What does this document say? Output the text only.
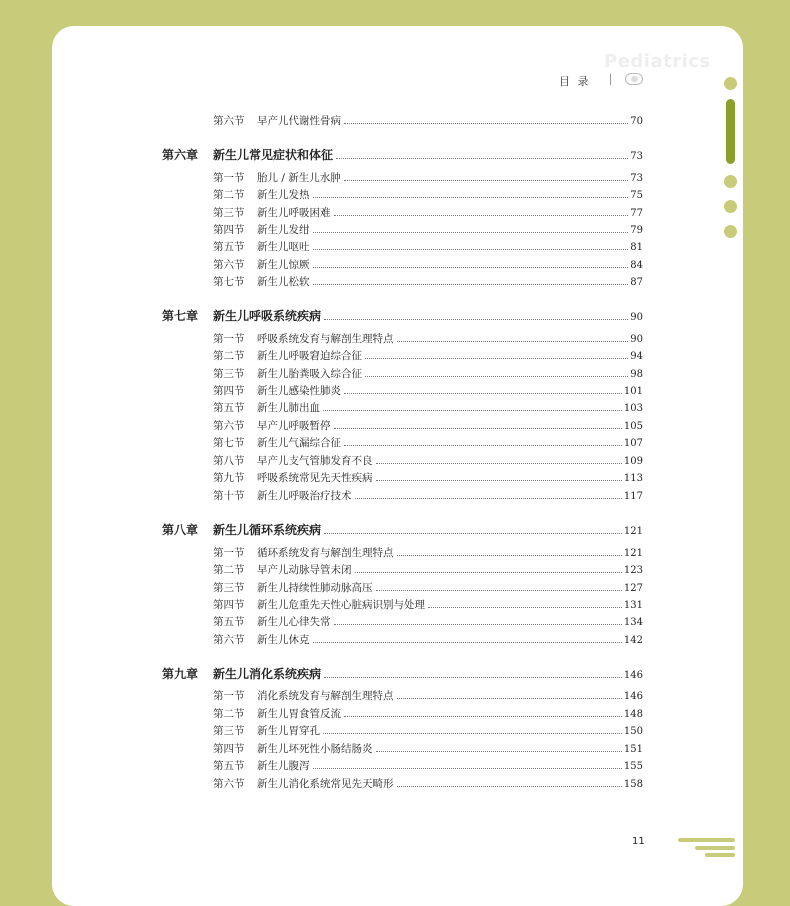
Pediatrics
目 录
第六节	早产儿代谢性骨病	70
第六章	新生儿常见症状和体征	73
第一节	胎儿 / 新生儿水肿	73
第二节	新生儿发热	75
第三节	新生儿呼吸困难	77
第四节	新生儿发绀	79
第五节	新生儿呕吐	81
第六节	新生儿惊厥	84
第七节	新生儿松软	87
第七章	新生儿呼吸系统疾病	90
第一节	呼吸系统发育与解剖生理特点	90
第二节	新生儿呼吸窘迫综合征	94
第三节	新生儿胎粪吸入综合征	98
第四节	新生儿感染性肺炎	101
第五节	新生儿肺出血	103
第六节	早产儿呼吸暂停	105
第七节	新生儿气漏综合征	107
第八节	早产儿支气管肺发育不良	109
第九节	呼吸系统常见先天性疾病	113
第十节	新生儿呼吸治疗技术	117
第八章	新生儿循环系统疾病	121
第一节	循环系统发育与解剖生理特点	121
第二节	早产儿动脉导管未闭	123
第三节	新生儿持续性肺动脉高压	127
第四节	新生儿危重先天性心脏病识别与处理	131
第五节	新生儿心律失常	134
第六节	新生儿休克	142
第九章	新生儿消化系统疾病	146
第一节	消化系统发育与解剖生理特点	146
第二节	新生儿胃食管反流	148
第三节	新生儿胃穿孔	150
第四节	新生儿坏死性小肠结肠炎	151
第五节	新生儿腹泻	155
第六节	新生儿消化系统常见先天畸形	158
11
